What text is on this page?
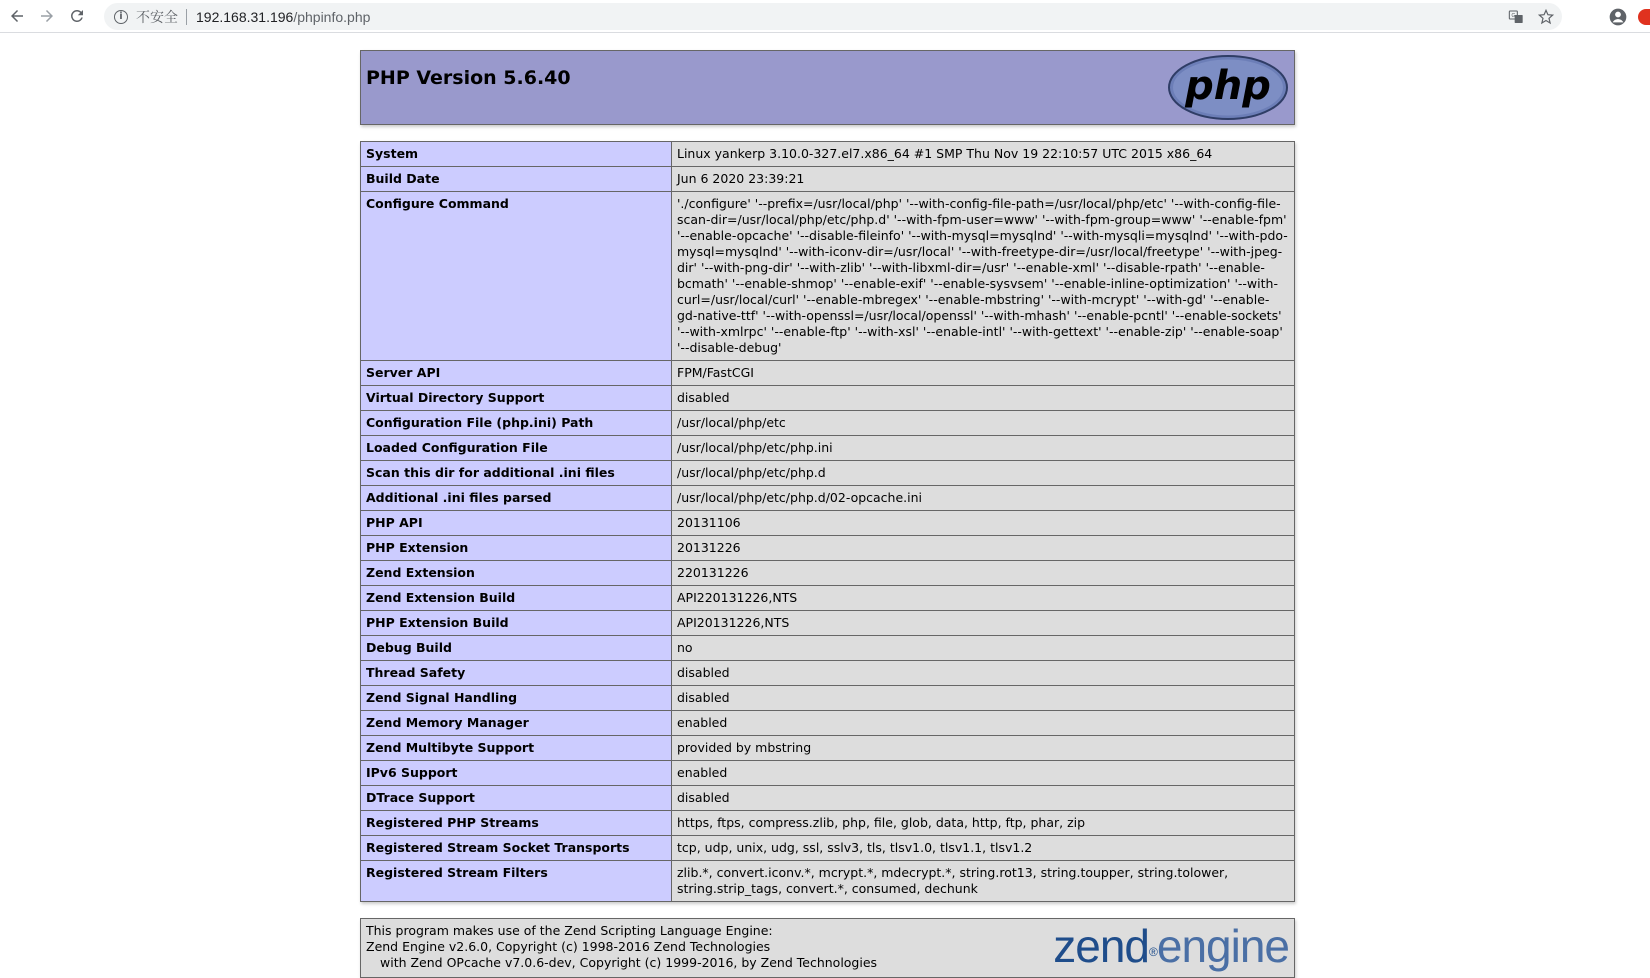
i 不安全 192.168.31.196 /phpinfo.php	G
PHP Version 5.6.40	php
System	Linux yankerp 3.10.0-327.el7.x86_64 #1 SMP Thu Nov 19 22:10:57 UTC 2015 x86_64
Build Date	Jun 6 2020 23:39:21
Configure Command	'./configure' '--prefix=/usr/local/php' '--with-config-file-path=/usr/local/php/etc' '--with-config-file-scan-dir=/usr/local/php/etc/php.d' '--with-fpm-user=www' '--with-fpm-group=www' '--enable-fpm' '--enable-opcache' '--disable-fileinfo' '--with-mysql=mysqlnd' '--with-mysqli=mysqlnd' '--with-pdo-mysql=mysqlnd' '--with-iconv-dir=/usr/local' '--with-freetype-dir=/usr/local/freetype' '--with-jpeg-dir' '--with-png-dir' '--with-zlib' '--with-libxml-dir=/usr' '--enable-xml' '--disable-rpath' '--enable-bcmath' '--enable-shmop' '--enable-exif' '--enable-sysvsem' '--enable-inline-optimization' '--with-curl=/usr/local/curl' '--enable-mbregex' '--enable-mbstring' '--with-mcrypt' '--with-gd' '--enable-gd-native-ttf' '--with-openssl=/usr/local/openssl' '--with-mhash' '--enable-pcntl' '--enable-sockets' '--with-xmlrpc' '--enable-ftp' '--with-xsl' '--enable-intl' '--with-gettext' '--enable-zip' '--enable-soap' '--disable-debug'
Server API	FPM/FastCGI
Virtual Directory Support	disabled
Configuration File (php.ini) Path	/usr/local/php/etc
Loaded Configuration File	/usr/local/php/etc/php.ini
Scan this dir for additional .ini files	/usr/local/php/etc/php.d
Additional .ini files parsed	/usr/local/php/etc/php.d/02-opcache.ini
PHP API	20131106
PHP Extension	20131226
Zend Extension	220131226
Zend Extension Build	API220131226,NTS
PHP Extension Build	API20131226,NTS
Debug Build	no
Thread Safety	disabled
Zend Signal Handling	disabled
Zend Memory Manager	enabled
Zend Multibyte Support	provided by mbstring
IPv6 Support	enabled
DTrace Support	disabled
Registered PHP Streams	https, ftps, compress.zlib, php, file, glob, data, http, ftp, phar, zip
Registered Stream Socket Transports	tcp, udp, unix, udg, ssl, sslv3, tls, tlsv1.0, tlsv1.1, tlsv1.2
Registered Stream Filters	zlib.*, convert.iconv.*, mcrypt.*, mdecrypt.*, string.rot13, string.toupper, string.tolower, string.strip_tags, convert.*, consumed, dechunk
This program makes use of the Zend Scripting Language Engine:
Zend Engine v2.6.0, Copyright (c) 1998-2016 Zend Technologies
with Zend OPcache v7.0.6-dev, Copyright (c) 1999-2016, by Zend Technologies	zend®engine
